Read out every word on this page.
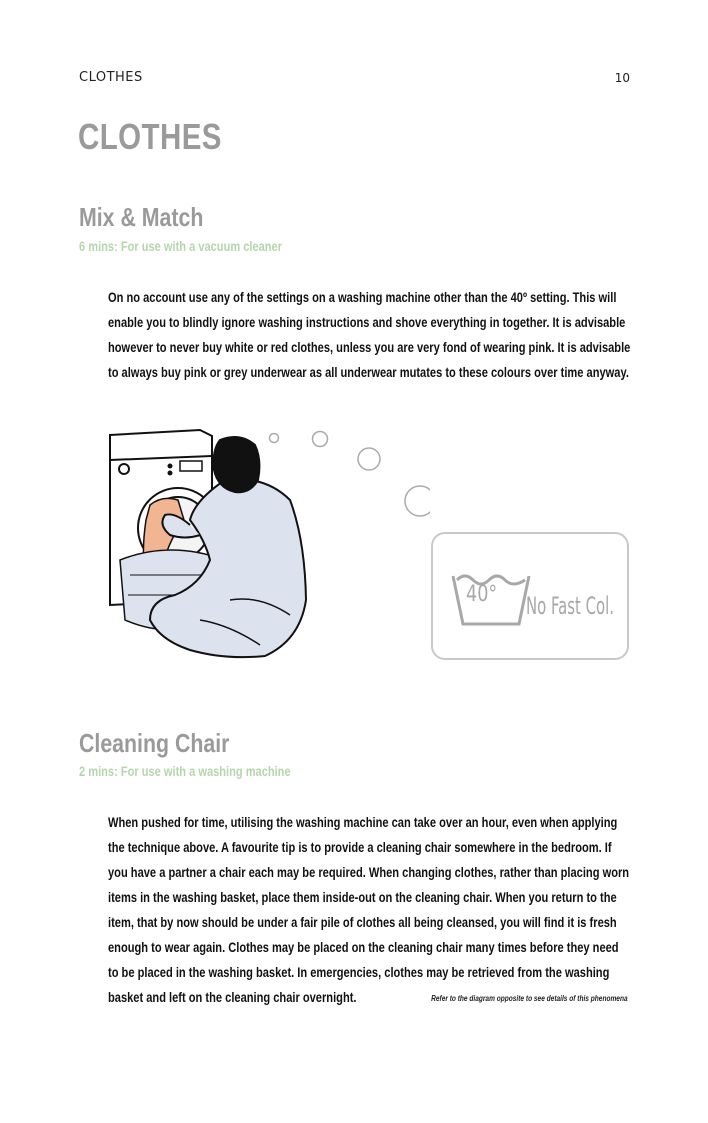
CLOTHES	10
CLOTHES
Mix & Match
6 mins: For use with a vacuum cleaner

On no account use any of the settings on a washing machine other than the 40º setting. This will enable you to blindly ignore washing instructions and shove everything in together. It is advisable however to never buy white or red clothes, unless you are very fond of wearing pink. It is advisable to always buy pink or grey underwear as all underwear mutates to these colours over time anyway.

40° No Fast Col.
Cleaning Chair
2 mins: For use with a washing machine

When pushed for time, utilising the washing machine can take over an hour, even when applying the technique above. A favourite tip is to provide a cleaning chair somewhere in the bedroom. If you have a partner a chair each may be required. When changing clothes, rather than placing worn items in the washing basket, place them inside-out on the cleaning chair. When you return to the item, that by now should be under a fair pile of clothes all being cleansed, you will find it is fresh enough to wear again. Clothes may be placed on the cleaning chair many times before they need to be placed in the washing basket. In emergencies, clothes may be retrieved from the washing basket and left on the cleaning chair overnight.	Refer to the diagram opposite to see details of this phenomena
